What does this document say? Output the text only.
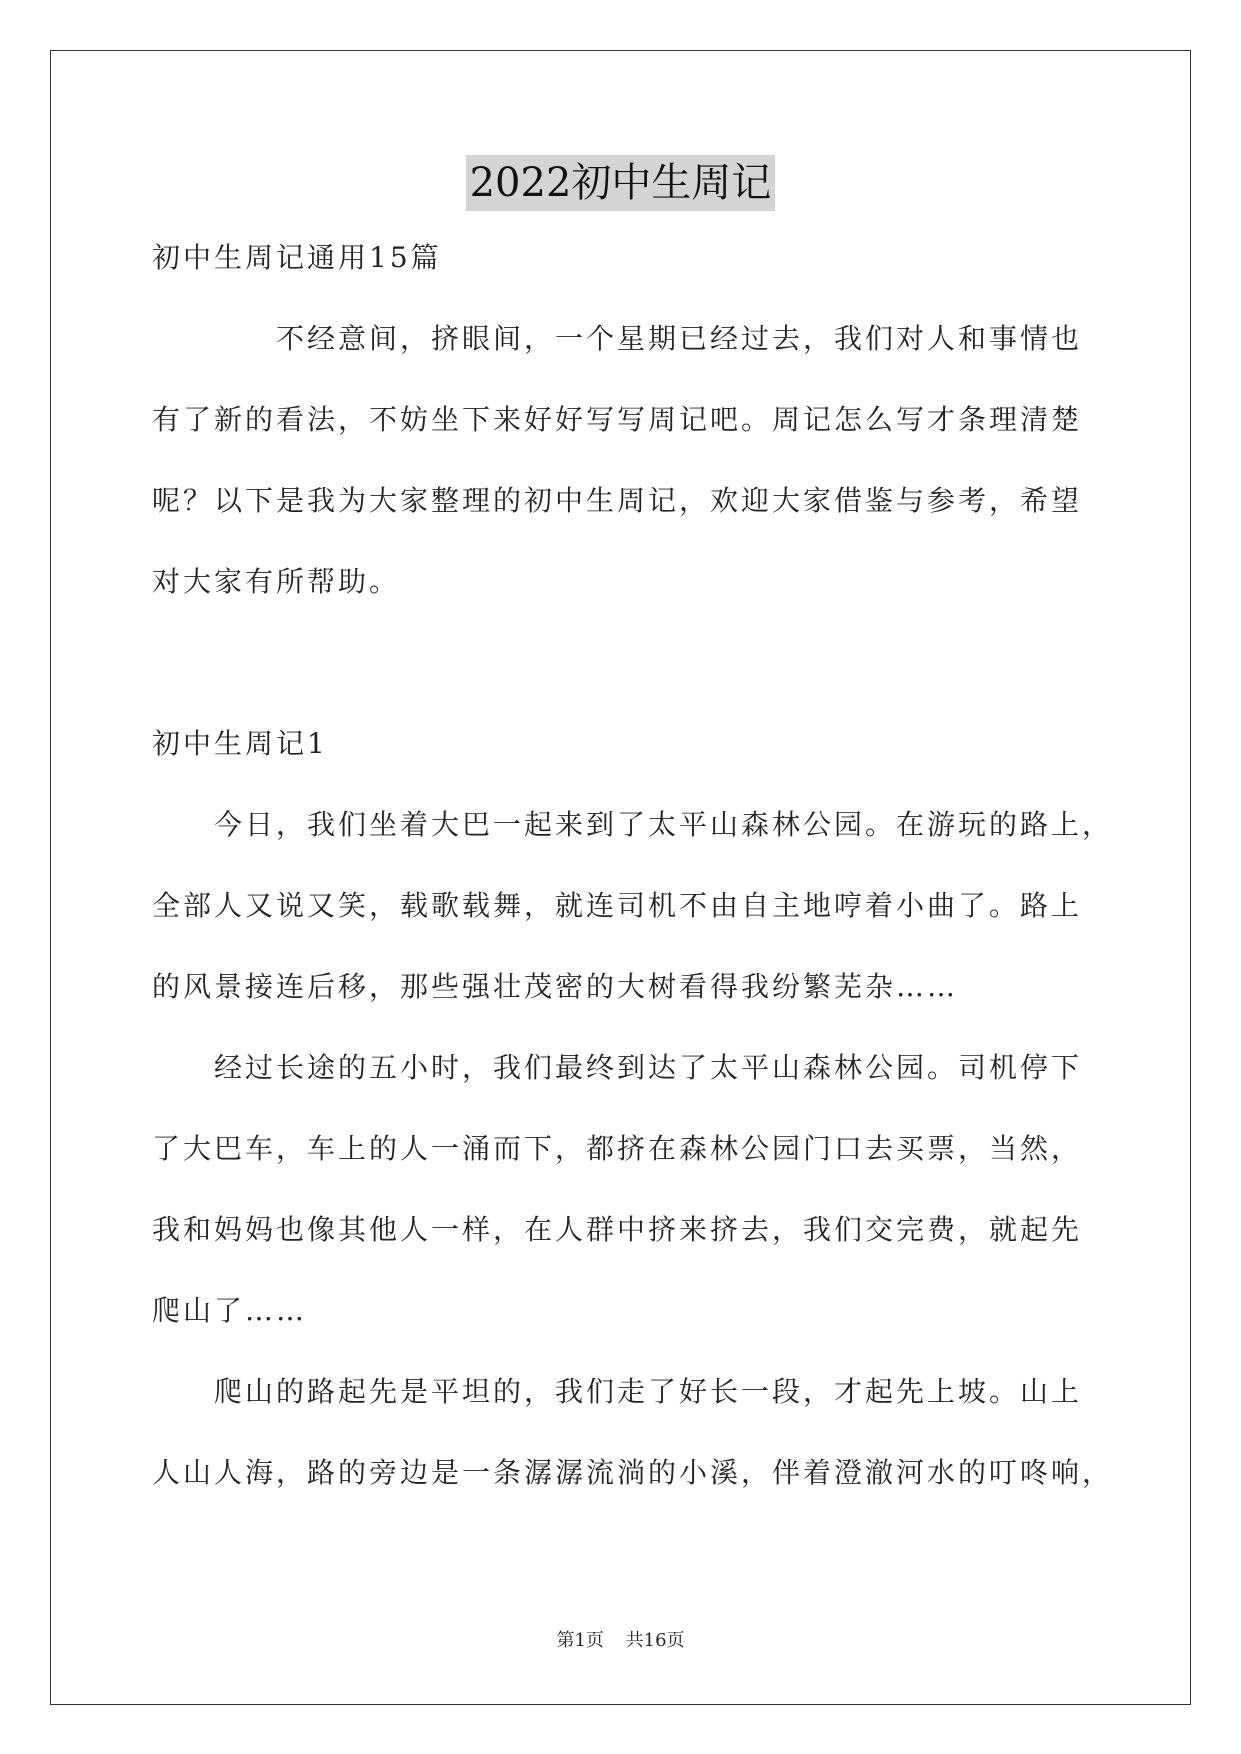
2022初中生周记
初中生周记通用15篇
不经意间，挤眼间，一个星期已经过去，我们对人和事情也
有了新的看法，不妨坐下来好好写写周记吧。周记怎么写才条理清楚
呢？以下是我为大家整理的初中生周记，欢迎大家借鉴与参考，希望
对大家有所帮助。
初中生周记1
今日，我们坐着大巴一起来到了太平山森林公园。在游玩的路上，
全部人又说又笑，载歌载舞，就连司机不由自主地哼着小曲了。路上
的风景接连后移，那些强壮茂密的大树看得我纷繁芜杂……
经过长途的五小时，我们最终到达了太平山森林公园。司机停下
了大巴车，车上的人一涌而下，都挤在森林公园门口去买票，当然，
我和妈妈也像其他人一样，在人群中挤来挤去，我们交完费，就起先
爬山了……
爬山的路起先是平坦的，我们走了好长一段，才起先上坡。山上
人山人海，路的旁边是一条潺潺流淌的小溪，伴着澄澈河水的叮咚响，
第1页 共16页
